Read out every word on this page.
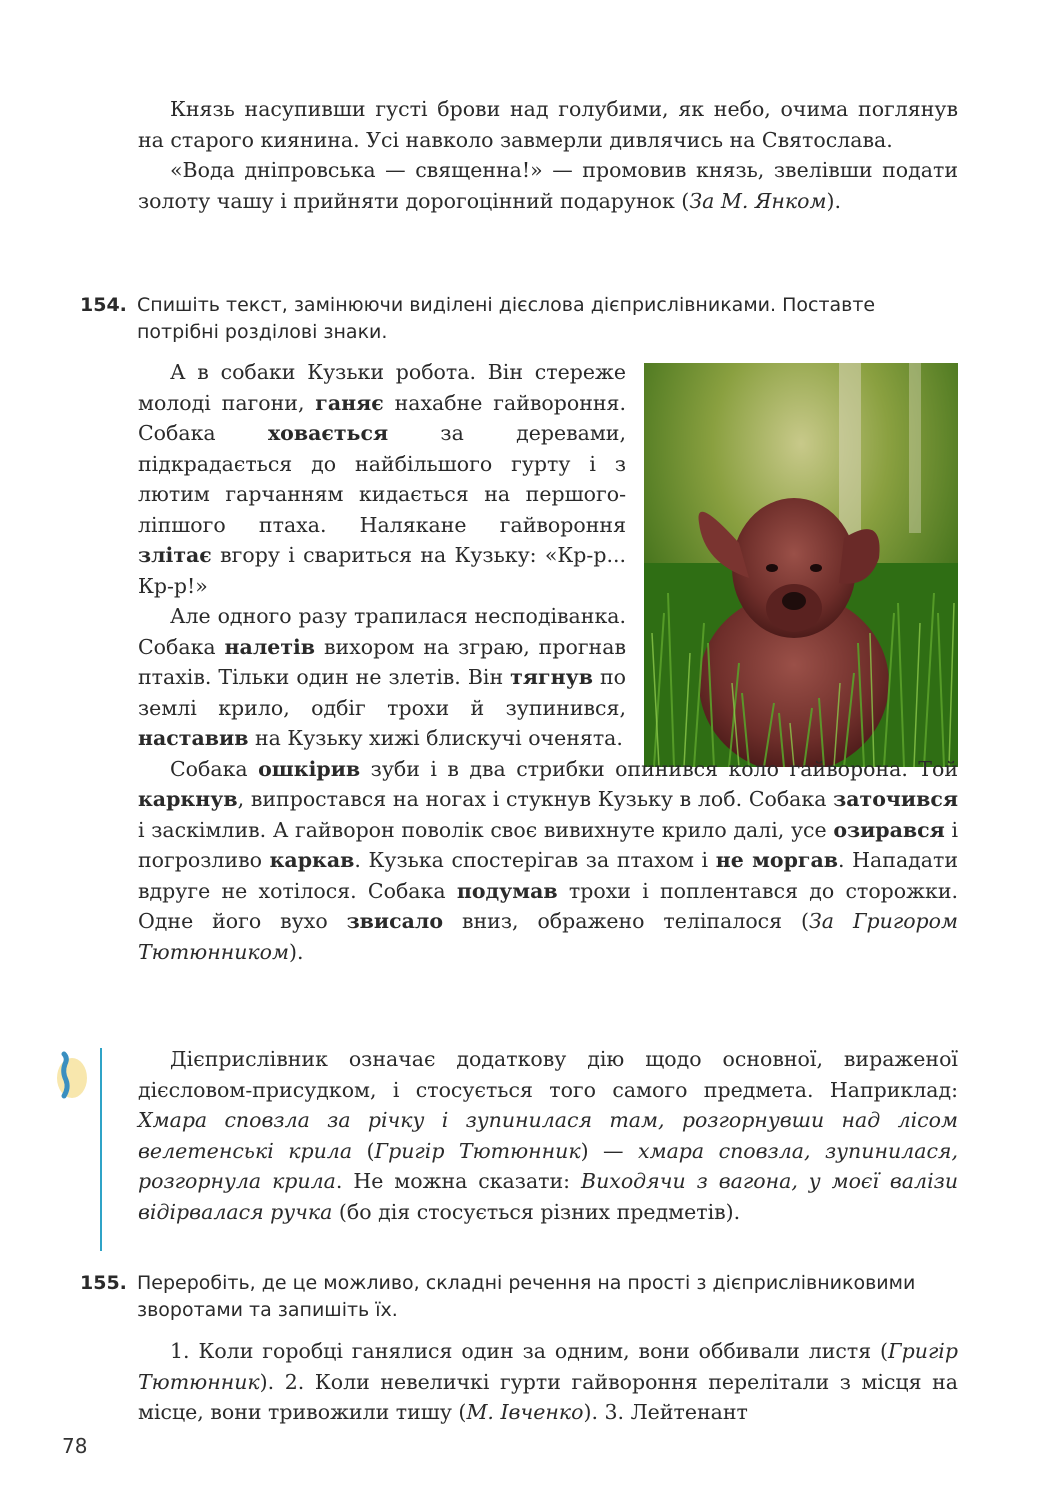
Князь насупивши густі брови над голубими, як небо, очима поглянув на старого киянина. Усі навколо завмерли дивлячись на Святослава.

«Вода дніпровська — священна!» — промовив князь, звелівши подати золоту чашу і прийняти дорогоцінний подарунок (За М. Янком).

154. Спишіть текст, замінюючи виділені дієслова дієприслівниками. Поставте потрібні розділові знаки.

А в собаки Кузьки робота. Він стереже молоді пагони, ганяє нахабне гайвороння. Собака ховається за деревами, підкрадається до найбільшого гурту і з лютим гарчанням кидається на першого-ліпшого птаха. Налякане гайвороння злітає вгору і свариться на Кузьку: «Кр-р... Кр-р!»

Але одного разу трапилася несподіванка. Собака налетів вихором на зграю, прогнав птахів. Тільки один не злетів. Він тягнув по землі крило, одбіг трохи й зупинився, наставив на Кузьку хижі блискучі оченята.

Собака ошкірив зуби і в два стрибки опинився коло гайворона. Той каркнув, випростався на ногах і стукнув Кузьку в лоб. Собака заточився і заскімлив. А гайворон поволік своє вивихнуте крило далі, усе озирався і погрозливо каркав. Кузька спостерігав за птахом і не моргав. Нападати вдруге не хотілося. Собака подумав трохи і поплентався до сторожки. Одне його вухо звисало вниз, ображено теліпалося (За Григором Тютюнником).

Дієприслівник означає додаткову дію щодо основної, вираженої дієсловом-присудком, і стосується того самого предмета. Наприклад: Хмара сповзла за річку і зупинилася там, розгорнувши над лісом велетенські крила (Григір Тютюнник) — хмара сповзла, зупинилася, розгорнула крила. Не можна сказати: Виходячи з вагона, у моєї валізи відірвалася ручка (бо дія стосується різних предметів).

155. Переробіть, де це можливо, складні речення на прості з дієприслівниковими зворотами та запишіть їх.

1. Коли горобці ганялися один за одним, вони оббивали листя (Григір Тютюнник). 2. Коли невеличкі гурти гайвороння перелітали з місця на місце, вони тривожили тишу (М. Івченко). 3. Лейтенант

78
